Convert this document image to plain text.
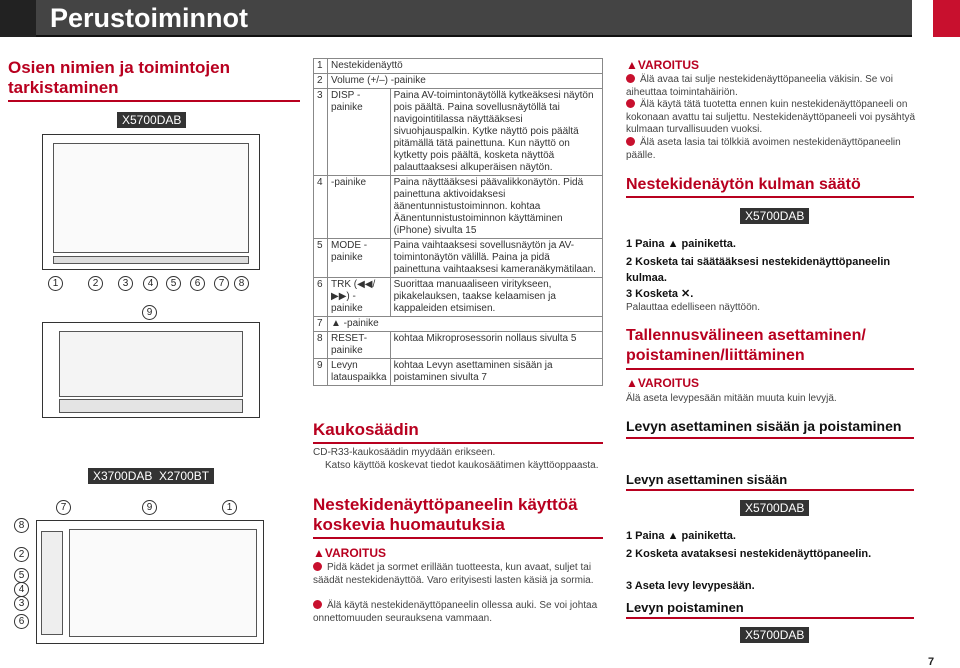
Perustoiminnot
Osien nimien ja toimintojen tarkistaminen
X5700DAB
1	2	3	4	5	6	7	8
9
X3700DAB X2700BT
7	9	1
8
2
5
4
3
6
1	Nestekidenäyttö	
2	Volume (+/–) -painike	
3	DISP -painike	Paina AV-toimintonäytöllä kytkeäksesi näytön pois päältä. Paina sovellusnäytöllä tai navigointitilassa näyttääksesi sivuohjauspalkin. Kytke näyttö pois päältä pitämällä tätä painettuna. Kun näyttö on kytketty pois päältä, kosketa näyttöä palauttaaksesi alkuperäisen näytön.
4	-painike	Paina näyttääksesi päävalikkonäytön. Pidä painettuna aktivoidaksesi äänentunnistustoiminnon. kohtaa Äänentunnistustoiminnon käyttäminen (iPhone) sivulta 15
5	MODE -painike	Paina vaihtaaksesi sovellusnäytön ja AV-toimintonäytön välillä. Paina ja pidä painettuna vaihtaaksesi kameranäkymätilaan.
6	TRK (◀◀/▶▶) -painike	Suorittaa manuaaliseen viritykseen, pikakelauksen, taakse kelaamisen ja kappaleiden etsimisen.
7	▲ -painike	
8	RESET-painike	kohtaa Mikroprosessorin nollaus sivulta 5
9	Levyn latauspaikka	kohtaa Levyn asettaminen sisään ja poistaminen sivulta 7
Kaukosäädin
CD-R33-kaukosäädin myydään erikseen.
Katso käyttöä koskevat tiedot kaukosäätimen käyttöoppaasta.
Nestekidenäyttöpaneelin käyttöä koskevia huomautuksia
▲VAROITUS
Pidä kädet ja sormet erillään tuotteesta, kun avaat, suljet tai säädät nestekidenäyttöä. Varo erityisesti lasten käsiä ja sormia.
Älä käytä nestekidenäyttöpaneelin ollessa auki. Se voi johtaa onnettomuuden seurauksena vammaan.
▲VAROITUS
Älä avaa tai sulje nestekidenäyttöpaneelia väkisin. Se voi aiheuttaa toimintahäiriön.
Älä käytä tätä tuotetta ennen kuin nestekidenäyttöpaneeli on kokonaan avattu tai suljettu. Nestekidenäyttöpaneeli voi pysähtyä kulmaan turvallisuuden vuoksi.
Älä aseta lasia tai tölkkiä avoimen nestekidenäyttöpaneelin päälle.
Nestekidenäytön kulman säätö
X5700DAB
1 Paina ▲ painiketta.
2 Kosketa tai säätääksesi nestekidenäyttöpaneelin kulmaa.
3 Kosketa ✕.
Palauttaa edelliseen näyttöön.
Tallennusvälineen asettaminen/ poistaminen/liittäminen
▲VAROITUS
Älä aseta levypesään mitään muuta kuin levyjä.
Levyn asettaminen sisään ja poistaminen
Levyn asettaminen sisään
X5700DAB
1 Paina ▲ painiketta.
2 Kosketa avataksesi nestekidenäyttöpaneelin.
3 Aseta levy levypesään.
Levyn poistaminen
X5700DAB
7
